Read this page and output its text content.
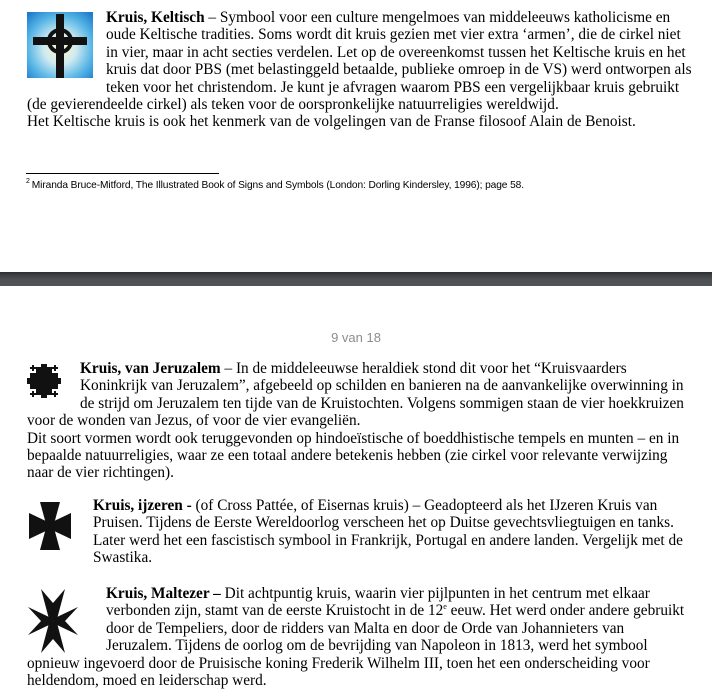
Kruis, Keltisch – Symbool voor een culture mengelmoes van middeleeuws katholicisme en
oude Keltische tradities. Soms wordt dit kruis gezien met vier extra ‘armen’, die de cirkel niet
in vier, maar in acht secties verdelen. Let op de overeenkomst tussen het Keltische kruis en het
kruis dat door PBS (met belastinggeld betaalde, publieke omroep in de VS) werd ontworpen als
teken voor het christendom. Je kunt je afvragen waarom PBS een vergelijkbaar kruis gebruikt
(de gevierendeelde cirkel) als teken voor de oorspronkelijke natuurreligies wereldwijd.
Het Keltische kruis is ook het kenmerk van de volgelingen van de Franse filosoof Alain de Benoist.

$^2$ Miranda Bruce-Mitford, The Illustrated Book of Signs and Symbols (London: Dorling Kindersley, 1996); page 58.
9 van 18

Kruis, van Jeruzalem – In de middeleeuwse heraldiek stond dit voor het “Kruisvaarders
Koninkrijk van Jeruzalem”, afgebeeld op schilden en banieren na de aanvankelijke overwinning in
de strijd om Jeruzalem ten tijde van de Kruistochten. Volgens sommigen staan de vier hoekkruizen
voor de wonden van Jezus, of voor de vier evangeliën.
Dit soort vormen wordt ook teruggevonden op hindoeïstische of boeddhistische tempels en munten – en in
bepaalde natuurreligies, waar ze een totaal andere betekenis hebben (zie cirkel voor relevante verwijzing
naar de vier richtingen).

Kruis, ijzeren - (of Cross Pattée, of Eisernas kruis) – Geadopteerd als het IJzeren Kruis van
Pruisen. Tijdens de Eerste Wereldoorlog verscheen het op Duitse gevechtsvliegtuigen en tanks.
Later werd het een fascistisch symbool in Frankrijk, Portugal en andere landen. Vergelijk met de
Swastika.

Kruis, Maltezer – Dit achtpuntig kruis, waarin vier pijlpunten in het centrum met elkaar
verbonden zijn, stamt van de eerste Kruistocht in de 12e eeuw. Het werd onder andere gebruikt
door de Tempeliers, door de ridders van Malta en door de Orde van Johannieters van
Jeruzalem. Tijdens de oorlog om de bevrijding van Napoleon in 1813, werd het symbool
opnieuw ingevoerd door de Pruisische koning Frederik Wilhelm III, toen het een onderscheiding voor
heldendom, moed en leiderschap werd.
